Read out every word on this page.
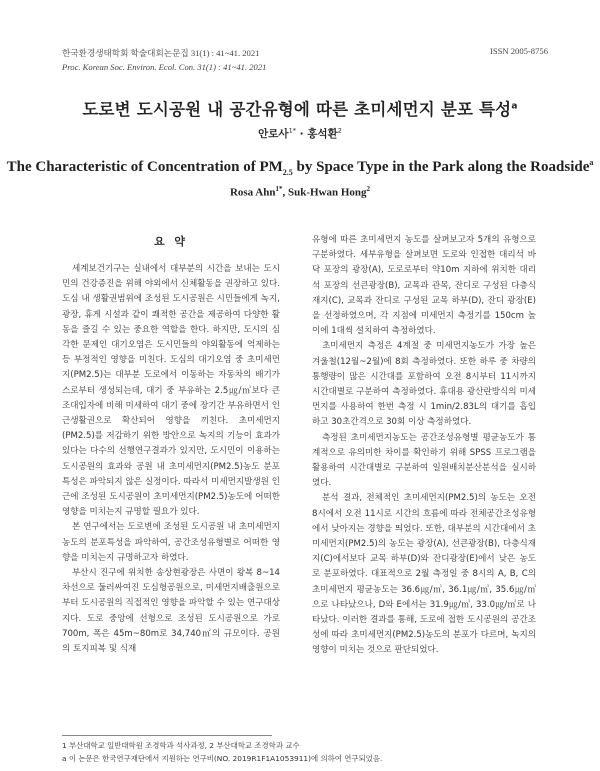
한국환경생태학회 학술대회논문집 31(1) : 41~41. 2021
Proc. Korean Soc. Environ. Ecol. Con. 31(1) : 41~41. 2021
ISSN 2005-8756
도로변 도시공원 내 공간유형에 따른 초미세먼지 분포 특성$^a$
안로사$^{1*}$ · 홍석환$^2$
The Characteristic of Concentration of $PM_{2.5}$ by Space Type in the Park along the Roadside$^a$
Rosa Ahn$^{1*}$, Suk-Hwan Hong$^2$
요 약

세계보건기구는 실내에서 대부분의 시간을 보내는 도시민의 건강증진을 위해 야외에서 신체활동을 권장하고 있다. 도심 내 생활권범위에 조성된 도시공원은 시민들에게 녹지, 광장, 휴게 시설과 같이 쾌적한 공간을 제공하여 다양한 활동을 즐길 수 있는 중요한 역할을 한다. 하지만, 도시의 심각한 문제인 대기오염은 도시민들의 야외활동에 억제하는 등 부정적인 영향을 미친다. 도심의 대기오염 중 초미세먼지(PM2.5)는 대부분 도로에서 이동하는 자동차의 배기가스로부터 생성되는데, 대기 중 부유하는 2.5㎍/㎥보다 큰 조대입자에 비해 미세하여 대기 중에 장기간 부유하면서 인근생활권으로 확산되어 영향을 끼친다. 초미세먼지(PM2.5)를 저감하기 위한 방안으로 녹지의 기능이 효과가 있다는 다수의 선행연구결과가 있지만, 도시민이 이용하는 도시공원의 효과와 공원 내 초미세먼지(PM2.5)농도 분포특성은 파악되지 않은 실정이다. 따라서 미세먼지발생원 인근에 조성된 도시공원이 초미세먼지(PM2.5)농도에 어떠한 영향을 미치는지 규명할 필요가 있다.

본 연구에서는 도로변에 조성된 도시공원 내 초미세먼지농도의 분포특성을 파악하여, 공간조성유형별로 어떠한 영향을 미치는지 규명하고자 하였다.

부산시 진구에 위치한 송상현광장은 사면이 왕복 8~14차선으로 둘러싸여진 도심형공원으로, 미세먼지배출원으로부터 도시공원의 직접적인 영향을 파악할 수 있는 연구대상지다. 도로 중앙에 선형으로 조성된 도시공원으로 가로 700m, 폭은 45m~80m로 34,740㎡의 규모이다. 공원의 토지피복 및 식재

유형에 따른 초미세먼지 농도를 살펴보고자 5개의 유형으로 구분하였다. 세부유형을 살펴보면 도로와 인접한 대리석 바닥 포장의 광장(A), 도로로부터 약10m 지하에 위치한 대리석 포장의 선큰광장(B), 교목과 관목, 잔디로 구성된 다층식재지(C), 교목과 잔디로 구성된 교목 하부(D), 잔디 광장(E)을 선정하였으며, 각 지점에 미세먼지 측정기를 150cm 높이에 1대씩 설치하여 측정하였다.

초미세먼지 측정은 4계절 중 미세먼지농도가 가장 높은 겨울철(12월~2월)에 8회 측정하였다. 또한 하루 중 차량의 통행량이 많은 시간대를 포함하여 오전 8시부터 11시까지 시간대별로 구분하여 측정하였다. 휴대용 광산란방식의 미세먼지를 사용하여 한번 측정 시 1min/2.83L의 대기를 흡입하고 30초간격으로 30회 이상 측정하였다.

측정된 초미세먼지농도는 공간조성유형별 평균농도가 통계적으로 유의미한 차이를 확인하기 위해 SPSS 프로그램을 활용하여 시간대별로 구분하여 일원배치분산분석을 실시하였다.

분석 결과, 전체적인 초미세먼지(PM2.5)의 농도는 오전 8시에서 오전 11시로 시간의 흐름에 따라 전체공간조성유형에서 낮아지는 경향을 띄었다. 또한, 대부분의 시간대에서 초미세먼지(PM2.5)의 농도는 광장(A), 선큰광장(B), 다층식재지(C)에서보다 교목 하부(D)와 잔디광장(E)에서 낮은 농도로 분포하였다. 대표적으로 2월 측정일 중 8시의 A, B, C의 초미세먼지 평균농도는 36.6㎍/㎥, 36.1㎍/㎥, 35.6㎍/㎥으로 나타났으나, D와 E에서는 31.9㎍/㎥, 33.0㎍/㎥로 나타났다. 이러한 결과를 통해, 도로에 접한 도시공원의 공간조성에 따라 초미세먼지(PM2.5)농도의 분포가 다르며, 녹지의 영향이 미치는 것으로 판단되었다.

1 부산대학교 일반대학원 조경학과 석사과정, 2 부산대학교 조경학과 교수
a 이 논문은 한국연구재단에서 지원하는 연구비(NO. 2019R1F1A1053911)에 의하여 연구되었음.
